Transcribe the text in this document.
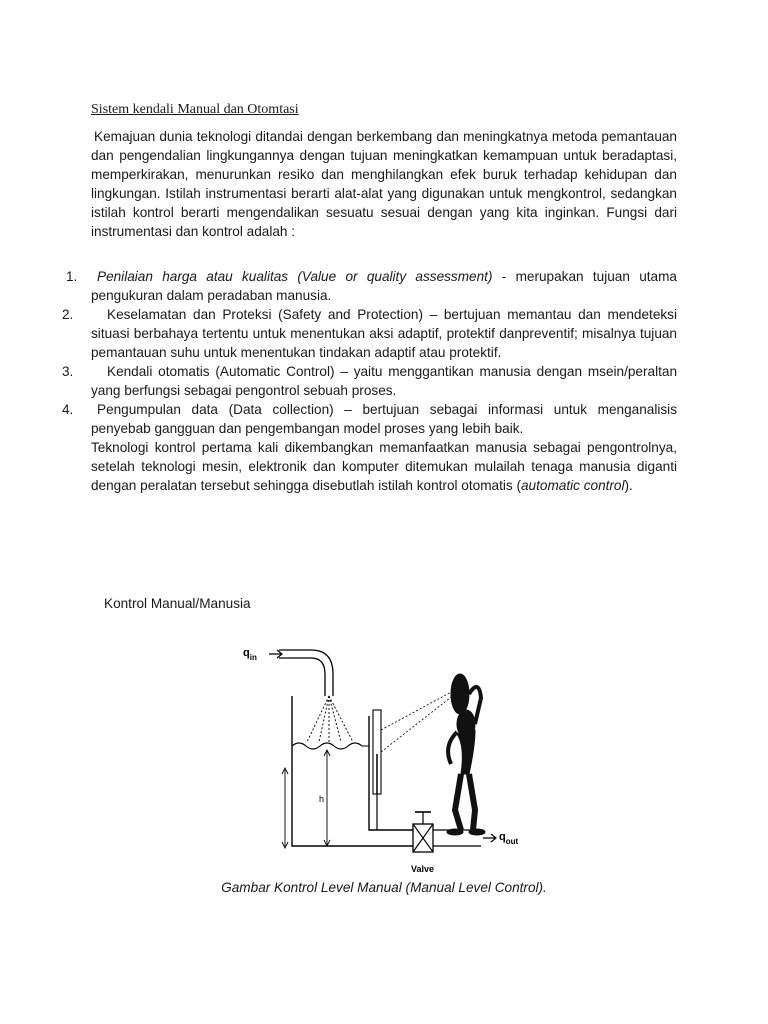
Sistem kendali Manual dan Otomtasi
Kemajuan dunia teknologi ditandai dengan berkembang dan meningkatnya metoda pemantauan dan pengendalian lingkungannya dengan tujuan meningkatkan kemampuan untuk beradaptasi, memperkirakan, menurunkan resiko dan menghilangkan efek buruk terhadap kehidupan dan lingkungan. Istilah instrumentasi berarti alat-alat yang digunakan untuk mengkontrol, sedangkan istilah kontrol berarti mengendalikan sesuatu sesuai dengan yang kita inginkan. Fungsi dari instrumentasi dan kontrol adalah :
1.	Penilaian harga atau kualitas (Value or quality assessment) - merupakan tujuan utama pengukuran dalam peradaban manusia.
2.	Keselamatan dan Proteksi (Safety and Protection) – bertujuan memantau dan mendeteksi situasi berbahaya tertentu untuk menentukan aksi adaptif, protektif danpreventif; misalnya tujuan pemantauan suhu untuk menentukan tindakan adaptif atau protektif.
3.	Kendali otomatis (Automatic Control) – yaitu menggantikan manusia dengan msein/peraltan yang berfungsi sebagai pengontrol sebuah proses.
4.	Pengumpulan data (Data collection) – bertujuan sebagai informasi untuk menganalisis penyebab gangguan dan pengembangan model proses yang lebih baik.
Teknologi kontrol pertama kali dikembangkan memanfaatkan manusia sebagai pengontrolnya, setelah teknologi mesin, elektronik dan komputer ditemukan mulailah tenaga manusia diganti dengan peralatan tersebut sehingga disebutlah istilah kontrol otomatis (automatic control).
Kontrol Manual/Manusia
h
$q_{in}$
$q_{out}$
Valve
Gambar Kontrol Level Manual (Manual Level Control).
